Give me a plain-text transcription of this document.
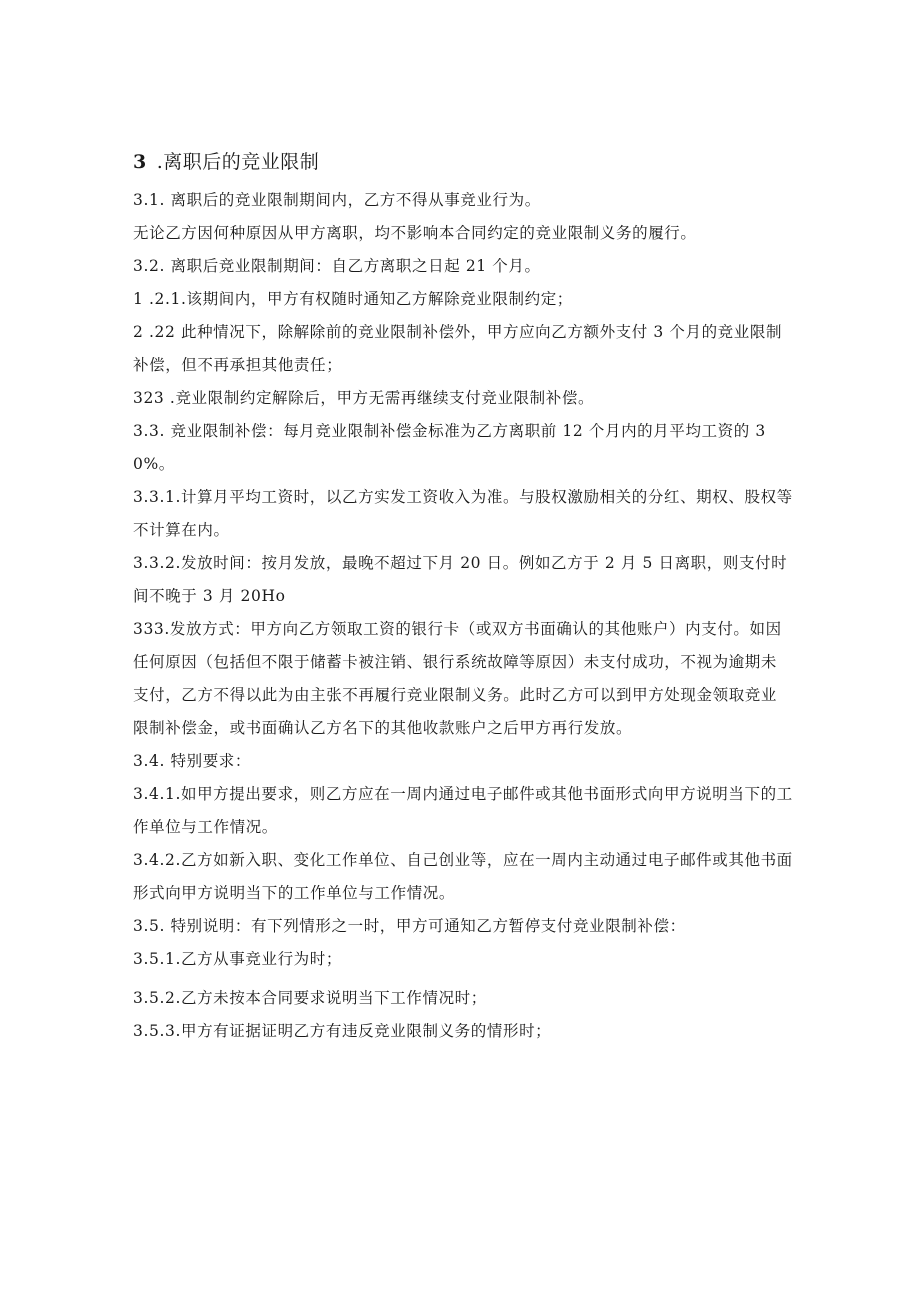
3 .离职后的竞业限制

3.1. 离职后的竞业限制期间内，乙方不得从事竞业行为。

无论乙方因何种原因从甲方离职，均不影响本合同约定的竞业限制义务的履行。

3.2. 离职后竞业限制期间：自乙方离职之日起 21 个月。

1 .2.1.该期间内，甲方有权随时通知乙方解除竞业限制约定；

2 .22 此种情况下，除解除前的竞业限制补偿外，甲方应向乙方额外支付 3 个月的竞业限制补偿，但不再承担其他责任；

323 .竞业限制约定解除后，甲方无需再继续支付竞业限制补偿。

3.3. 竞业限制补偿：每月竞业限制补偿金标准为乙方离职前 12 个月内的月平均工资的 30%。

3.3.1.计算月平均工资时，以乙方实发工资收入为准。与股权激励相关的分红、期权、股权等不计算在内。

3.3.2.发放时间：按月发放，最晚不超过下月 20 日。例如乙方于 2 月 5 日离职，则支付时间不晚于 3 月 20Ho

333.发放方式：甲方向乙方领取工资的银行卡（或双方书面确认的其他账户）内支付。如因任何原因（包括但不限于储蓄卡被注销、银行系统故障等原因）未支付成功，不视为逾期未支付，乙方不得以此为由主张不再履行竞业限制义务。此时乙方可以到甲方处现金领取竞业限制补偿金，或书面确认乙方名下的其他收款账户之后甲方再行发放。

3.4. 特别要求：

3.4.1.如甲方提出要求，则乙方应在一周内通过电子邮件或其他书面形式向甲方说明当下的工作单位与工作情况。

3.4.2.乙方如新入职、变化工作单位、自己创业等，应在一周内主动通过电子邮件或其他书面形式向甲方说明当下的工作单位与工作情况。

3.5. 特别说明：有下列情形之一时，甲方可通知乙方暂停支付竞业限制补偿：

3.5.1.乙方从事竞业行为时；

3.5.2.乙方未按本合同要求说明当下工作情况时；

3.5.3.甲方有证据证明乙方有违反竞业限制义务的情形时；
